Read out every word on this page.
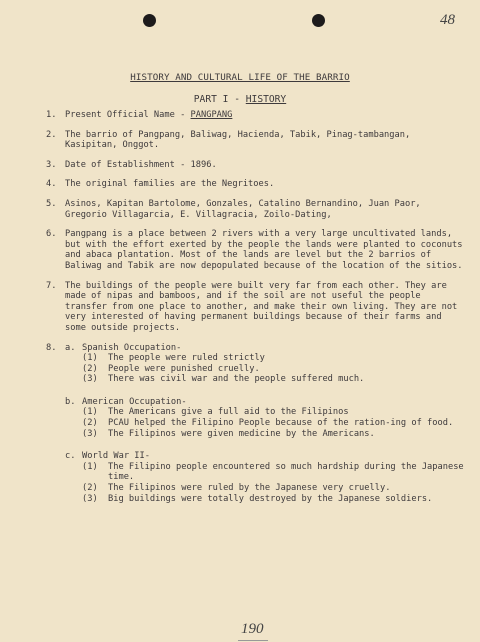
48
HISTORY AND CULTURAL LIFE OF THE BARRIO
PART I - HISTORY
1. Present Official Name - PANGPANG
2. The barrio of Pangpang, Baliwag, Hacienda, Tabik, Pinag-tambangan, Kasipitan, Onggot.
3. Date of Establishment - 1896.
4. The original families are the Negritoes.
5. Asinos, Kapitan Bartolome, Gonzales, Catalino Bernandino, Juan Paor, Gregorio Villagarcia, E. Villagracia, Zoilo-Dating,
6. Pangpang is a place between 2 rivers with a very large uncultivated lands, but with the effort exerted by the people the lands were planted to coconuts and abaca plantation. Most of the lands are level but the 2 barrios of Baliwag and Tabik are now depopulated because of the location of the sitios.
7. The buildings of the people were built very far from each other. They are made of nipas and bamboos, and if the soil are not useful the people transfer from one place to another, and make their own living. They are not very interested of having permanent buildings because of their farms and some outside projects.
8. a. Spanish Occupation-
(1) The people were ruled strictly
(2) People were punished cruelly.
(3) There was civil war and the people suffered much.
b. American Occupation-
(1) The Americans give a full aid to the Filipinos
(2) PCAU helped the Filipino People because of the ration-ing of food.
(3) The Filipinos were given medicine by the Americans.
c. World War II-
(1) The Filipino people encountered so much hardship during the Japanese time.
(2) The Filipinos were ruled by the Japanese very cruelly.
(3) Big buildings were totally destroyed by the Japanese soldiers.
190
